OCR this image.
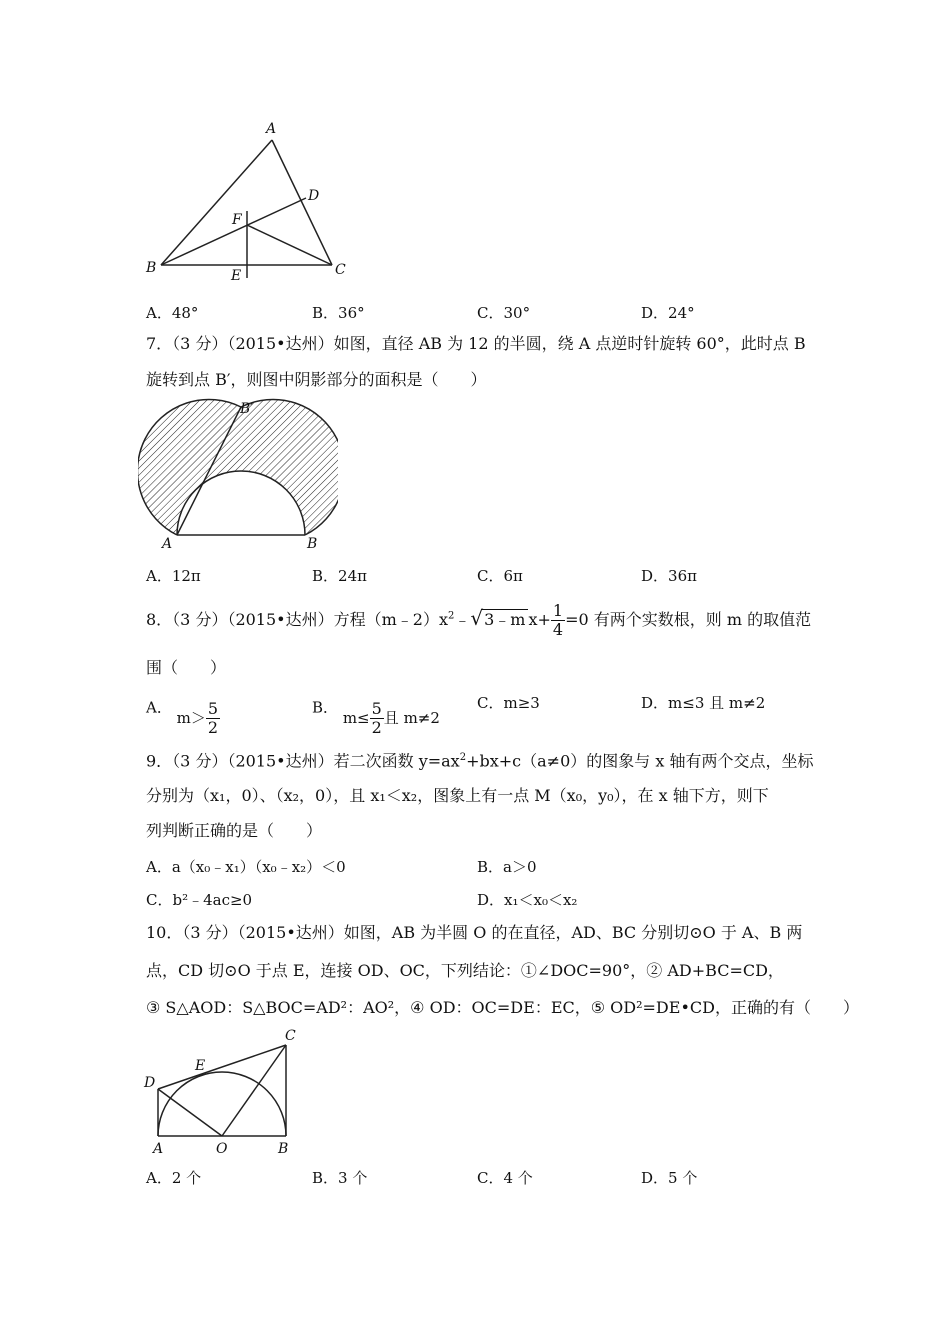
A
B	C
D
E
F
A．48°	B．36°	C．30°	D．24°
7．（3 分）（2015•达州）如图，直径 AB 为 12 的半圆，绕 A 点逆时针旋转 60°，此时点 B
旋转到点 B′，则图中阴影部分的面积是（　　）
B′
A	B
A．12π	B．24π	C．6π	D．36π
8．（3 分）（2015•达州）方程$(m﹣2)x^2﹣√3﹣m$ $x+ \frac{1}{4} =0$ 有两个实数根，则 m 的取值范
围（　　）
A． $m> \frac{5}{2}$	B． $m\le \frac{5}{2}$ 且 m≠2
C．m≥3	D．m≤3 且 m≠2
9．（3 分）（2015•达州）若二次函数 $y=ax^2+bx+c(a\ne 0)$的图象与 x 轴有两个交点，坐标
分别为（x₁，0）、（x₂，0），且 x₁＜x₂，图象上有一点 M（x₀，y₀），在 x 轴下方，则下
列判断正确的是（　　）
A．a（x₀﹣x₁）（x₀﹣x₂）＜0	B．a＞0
C．b²﹣4ac≥0	D．x₁＜x₀＜x₂
10．（3 分）（2015•达州）如图，AB 为半圆 O 的在直径，AD、BC 分别切⊙O 于 A、B 两
点，CD 切⊙O 于点 E，连接 OD、OC，下列结论：①∠DOC=90°，② AD+BC=CD，
③ S△AOD：S△BOC=AD²：AO²，④ OD：OC=DE：EC，⑤ OD²=DE•CD，正确的有（　　）
C
E
D
A	O	B
A．2 个	B．3 个	C．4 个	D．5 个
